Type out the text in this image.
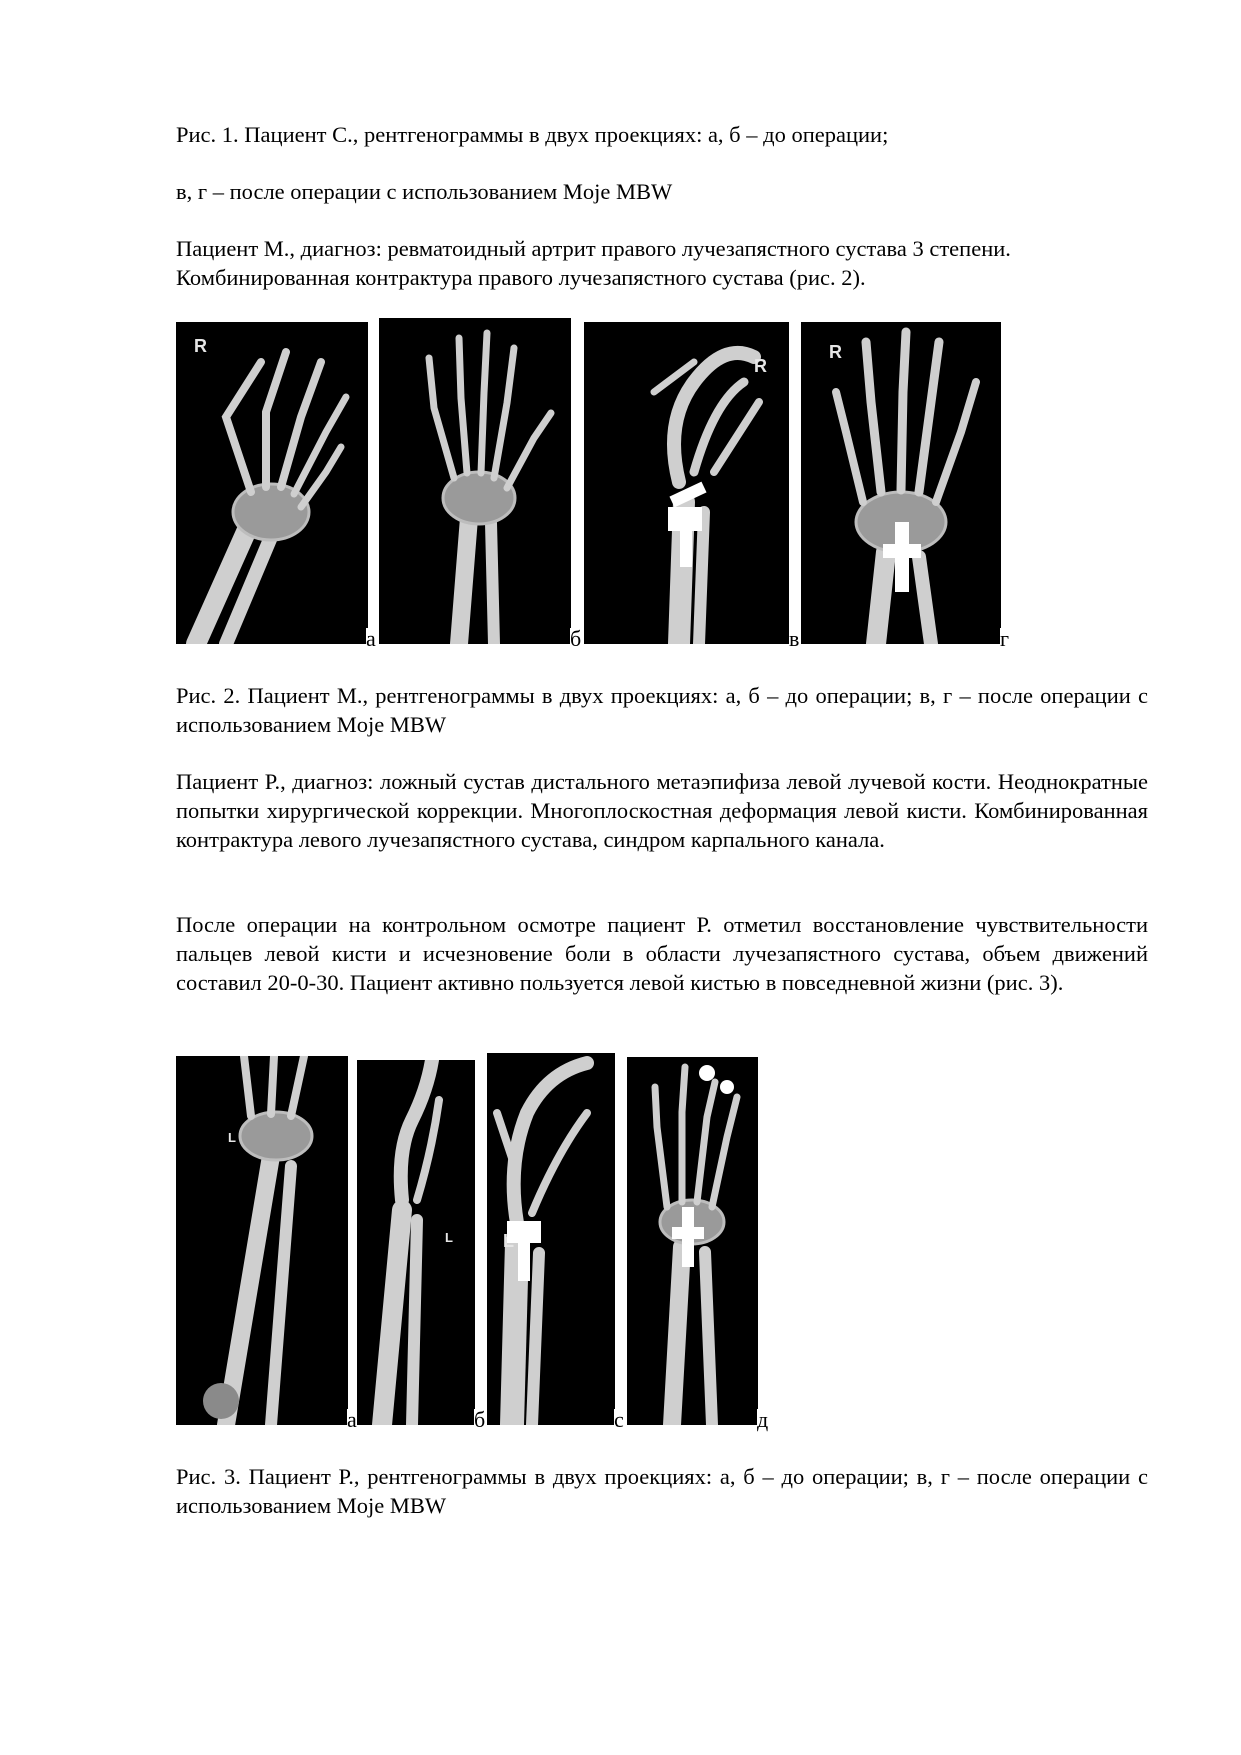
Рис. 1. Пациент С., рентгенограммы в двух проекциях: а, б – до операции;

в, г – после операции с использованием Moje MBW

Пациент М., диагноз: ревматоидный артрит правого лучезапястного сустава 3 степени.

Комбинированная контрактура правого лучезапястного сустава (рис. 2).

R
а	б
R
в
R
г

Рис. 2. Пациент М., рентгенограммы в двух проекциях: а, б – до операции; в, г – после операции с использованием Moje MBW

Пациент Р., диагноз: ложный сустав дистального метаэпифиза левой лучевой кости. Неоднократные попытки хирургической коррекции. Многоплоскостная деформация левой кисти. Комбинированная контрактура левого лучезапястного сустава, синдром карпального канала.

После операции на контрольном осмотре пациент Р. отметил восстановление чувствительности пальцев левой кисти и исчезновение боли в области лучезапястного сустава, объем движений составил 20-0-30. Пациент активно пользуется левой кистью в повседневной жизни (рис. 3).

L
а
L
б
L
с	д

Рис. 3. Пациент Р., рентгенограммы в двух проекциях: а, б – до операции; в, г – после операции с использованием Moje MBW
